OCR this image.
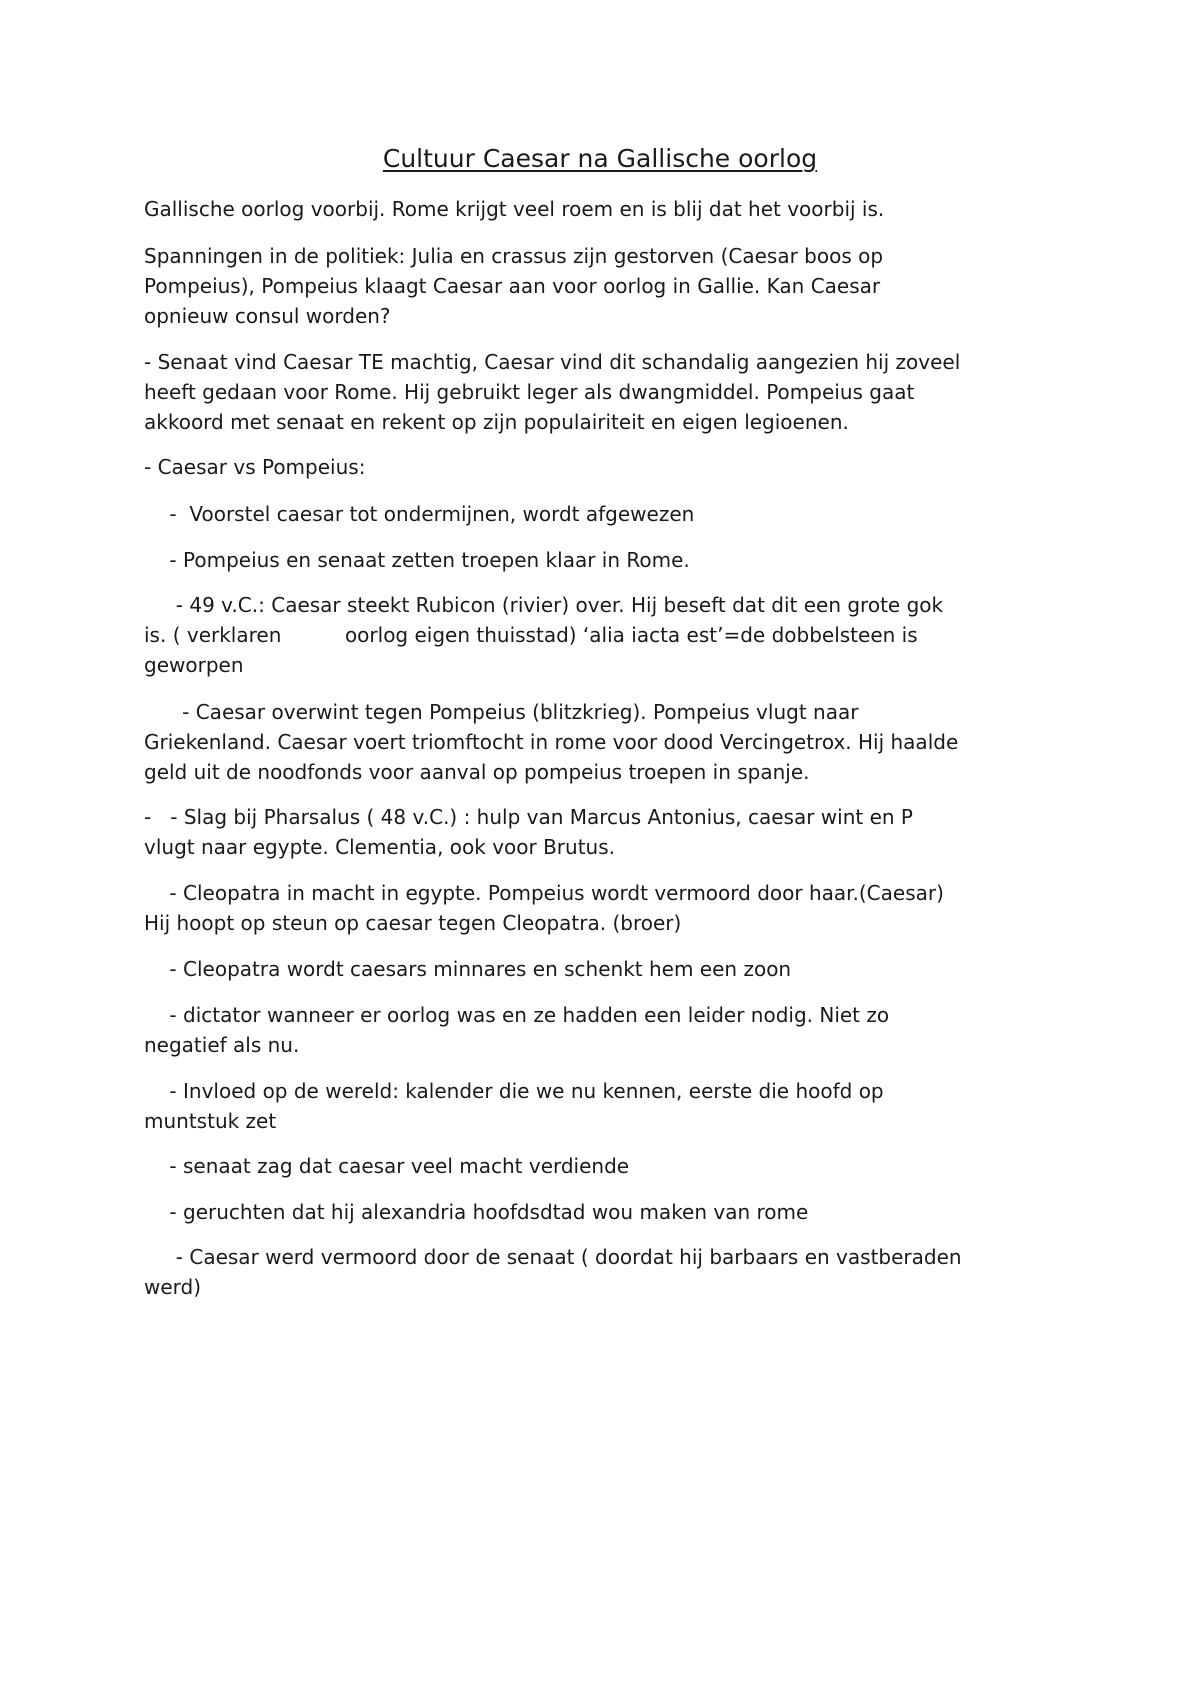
Cultuur Caesar na Gallische oorlog

Gallische oorlog voorbij. Rome krijgt veel roem en is blij dat het voorbij is.

Spanningen in de politiek: Julia en crassus zijn gestorven (Caesar boos op
Pompeius), Pompeius klaagt Caesar aan voor oorlog in Gallie. Kan Caesar
opnieuw consul worden?

- Senaat vind Caesar TE machtig, Caesar vind dit schandalig aangezien hij zoveel
heeft gedaan voor Rome. Hij gebruikt leger als dwangmiddel. Pompeius gaat
akkoord met senaat en rekent op zijn populairiteit en eigen legioenen.

- Caesar vs Pompeius:

-  Voorstel caesar tot ondermijnen, wordt afgewezen

- Pompeius en senaat zetten troepen klaar in Rome.

- 49 v.C.: Caesar steekt Rubicon (rivier) over. Hij beseft dat dit een grote gok
is. ( verklaren          oorlog eigen thuisstad) ‘alia iacta est’=de dobbelsteen is
geworpen

- Caesar overwint tegen Pompeius (blitzkrieg). Pompeius vlugt naar
Griekenland. Caesar voert triomftocht in rome voor dood Vercingetrox. Hij haalde
geld uit de noodfonds voor aanval op pompeius troepen in spanje.

-   - Slag bij Pharsalus ( 48 v.C.) : hulp van Marcus Antonius, caesar wint en P
vlugt naar egypte. Clementia, ook voor Brutus.

- Cleopatra in macht in egypte. Pompeius wordt vermoord door haar.(Caesar)
Hij hoopt op steun op caesar tegen Cleopatra. (broer)

- Cleopatra wordt caesars minnares en schenkt hem een zoon

- dictator wanneer er oorlog was en ze hadden een leider nodig. Niet zo
negatief als nu.

- Invloed op de wereld: kalender die we nu kennen, eerste die hoofd op
muntstuk zet

- senaat zag dat caesar veel macht verdiende

- geruchten dat hij alexandria hoofdsdtad wou maken van rome

- Caesar werd vermoord door de senaat ( doordat hij barbaars en vastberaden
werd)
